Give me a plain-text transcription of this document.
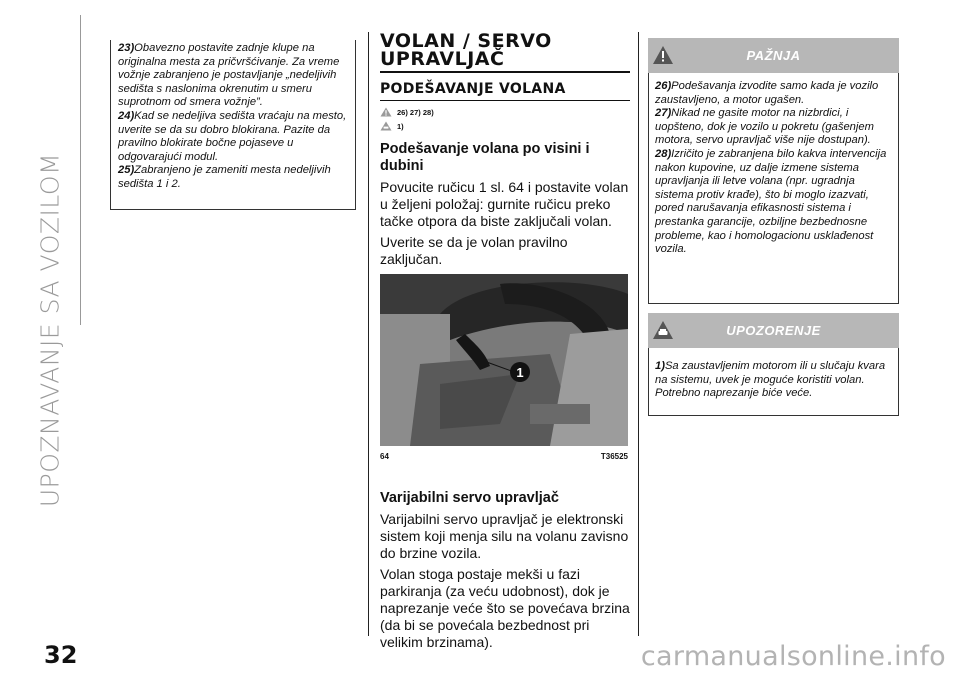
UPOZNAVANJE SA VOZILOM
32	carmanualsonline.info

23)Obavezno postavite zadnje klupe na originalna mesta za pričvršćivanje. Za vreme vožnje zabranjeno je postavljanje „nedeljivih sedišta s naslonima okrenutim u smeru suprotnom od smera vožnje”.

24)Kad se nedeljiva sedišta vraćaju na mesto, uverite se da su dobro blokirana. Pazite da pravilno blokirate bočne pojaseve u odgovarajući modul.

25)Zabranjeno je zameniti mesta nedeljivih sedišta 1 i 2.

VOLAN / SERVO
UPRAVLJAČ
PODEŠAVANJE VOLANA
26) 27) 28)
1)
Podešavanje volana po visini i dubini

Povucite ručicu 1 sl. 64 i postavite volan u željeni položaj: gurnite ručicu preko tačke otpora da biste zaključali volan.

Uverite se da je volan pravilno zaključan.

1
64	T36525
Varijabilni servo upravljač

Varijabilni servo upravljač je elektronski sistem koji menja silu na volanu zavisno do brzine vozila.

Volan stoga postaje mekši u fazi parkiranja (za veću udobnost), dok je naprezanje veće što se povećava brzina (da bi se povećala bezbednost pri velikim brzinama).

PAŽNJA

26)Podešavanja izvodite samo kada je vozilo zaustavljeno, a motor ugašen.

27)Nikad ne gasite motor na nizbrdici, i uopšteno, dok je vozilo u pokretu (gašenjem motora, servo upravljač više nije dostupan).

28)Izričito je zabranjena bilo kakva intervencija nakon kupovine, uz dalje izmene sistema upravljanja ili letve volana (npr. ugradnja sistema protiv krađe), što bi moglo izazvati, pored narušavanja efikasnosti sistema i prestanka garancije, ozbiljne bezbednosne probleme, kao i homologacionu usklađenost vozila.

UPOZORENJE

1)Sa zaustavljenim motorom ili u slučaju kvara na sistemu, uvek je moguće koristiti volan. Potrebno naprezanje biće veće.
